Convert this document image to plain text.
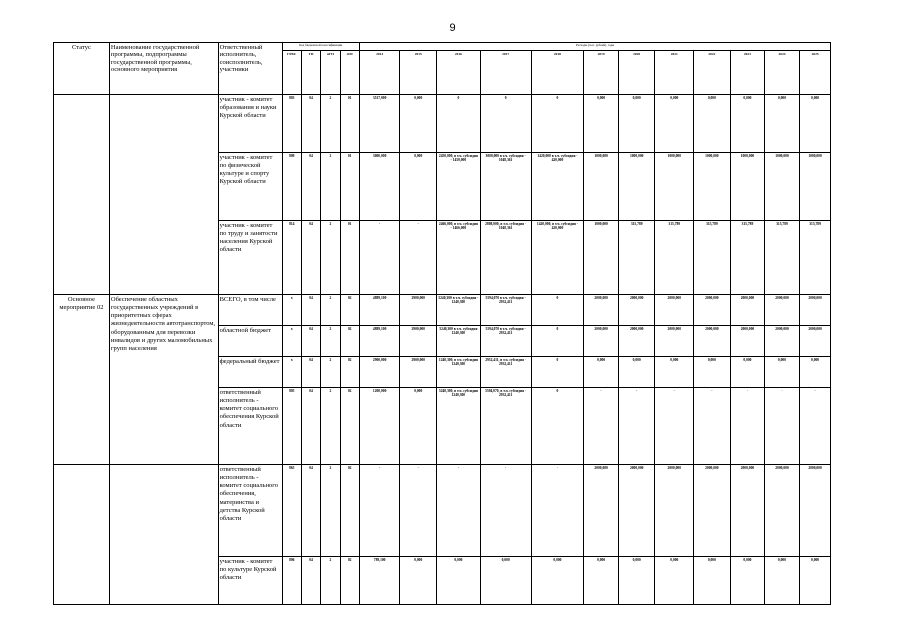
9
Статус	Наименование государственной программы, подпрограммы государственной программы, основного мероприятия	Ответственный исполнитель, соисполнитель, участники	Код бюджетной классификации				Расходы (тыс. рублей), годы											
			ГРБС	ГП	пГП	ОМ	2014	2015	2016	2017	2018	2019	2020	2021	2022	2023	2024	2025
		участник - комитет образования и науки Курской области	803	04	2	01	3517,000	0,000	0	0	0	0,000	0,000	0,000	0,000	0,000	0,000	0,000
		участник - комитет по физической культуре и спорту Курской области	809	04	2	01	3000,000	0,000	2450,000, в т.ч. субсидия - 1450,000	3000,000 в т.ч. субсидия - 1048,361	1420,000 в т.ч. субсидия - 420,000	1000,000	1000,000	1000,000	1000,000	1000,000	1000,000	1000,000
		участник - комитет по труду и занятости населения Курской области	814	04	2	01	-	-	2466,000, в т.ч. субсидия - 1466,000	2808,000, в т.ч. субсидия - 1048,361	1420,000, в т.ч. субсидия - 420,000	1000,000	315,789	315,789	315,789	315,789	315,789	315,789
Основное мероприятие 02	Обеспечение областных государственных учреждений в приоритетных сферах жизнедеятельности автотранспортом, оборудованным для перевозки инвалидов и других маломобильных групп населения	ВСЕГО, в том числе	x	04	2	02	4889,100	2900,000	5240,300 в т.ч. субсидия - 1240,300	5594,070 в т.ч. субсидия - 2932,411	0	2000,000	2000,000	2000,000	2000,000	2000,000	2000,000	2000,000
		областной бюджет	x	04	2	02	4889,100	2900,000	5240,300 в т.ч. субсидия 1240,300	5594,070 в т.ч. субсидия - 2932,411	0	2000,000	2000,000	2000,000	2000,000	2000,000	2000,000	2000,000
		федеральный бюджет	x	04	2	02	2900,000	2900,000	1240,300, в т.ч. субсидия 1240,300	2932,411, в т.ч. субсидия - 2932,411	0	0,000	0,000	0,000	0,000	0,000	0,000	0,000
		ответственный исполнитель - комитет социального обеспечения Курской области	805	04	2	02	1200,000	0,000	5240,300, в т.ч. субсидия 1240,300	5594,070, в т.ч. субсидия - 2932,411	0	-	-	-	-	-	-	-
		ответственный исполнитель - комитет социального обеспечения, материнства и детства Курской области	865	04	2	02	-	-	-	-	-	2000,000	2000,000	2000,000	2000,000	2000,000	2000,000	2000,000
		участник - комитет по культуре Курской области	806	04	2	02	789,100	0,000	0,000	0,000	0,000	0,000	0,000	0,000	0,000	0,000	0,000	0,000
